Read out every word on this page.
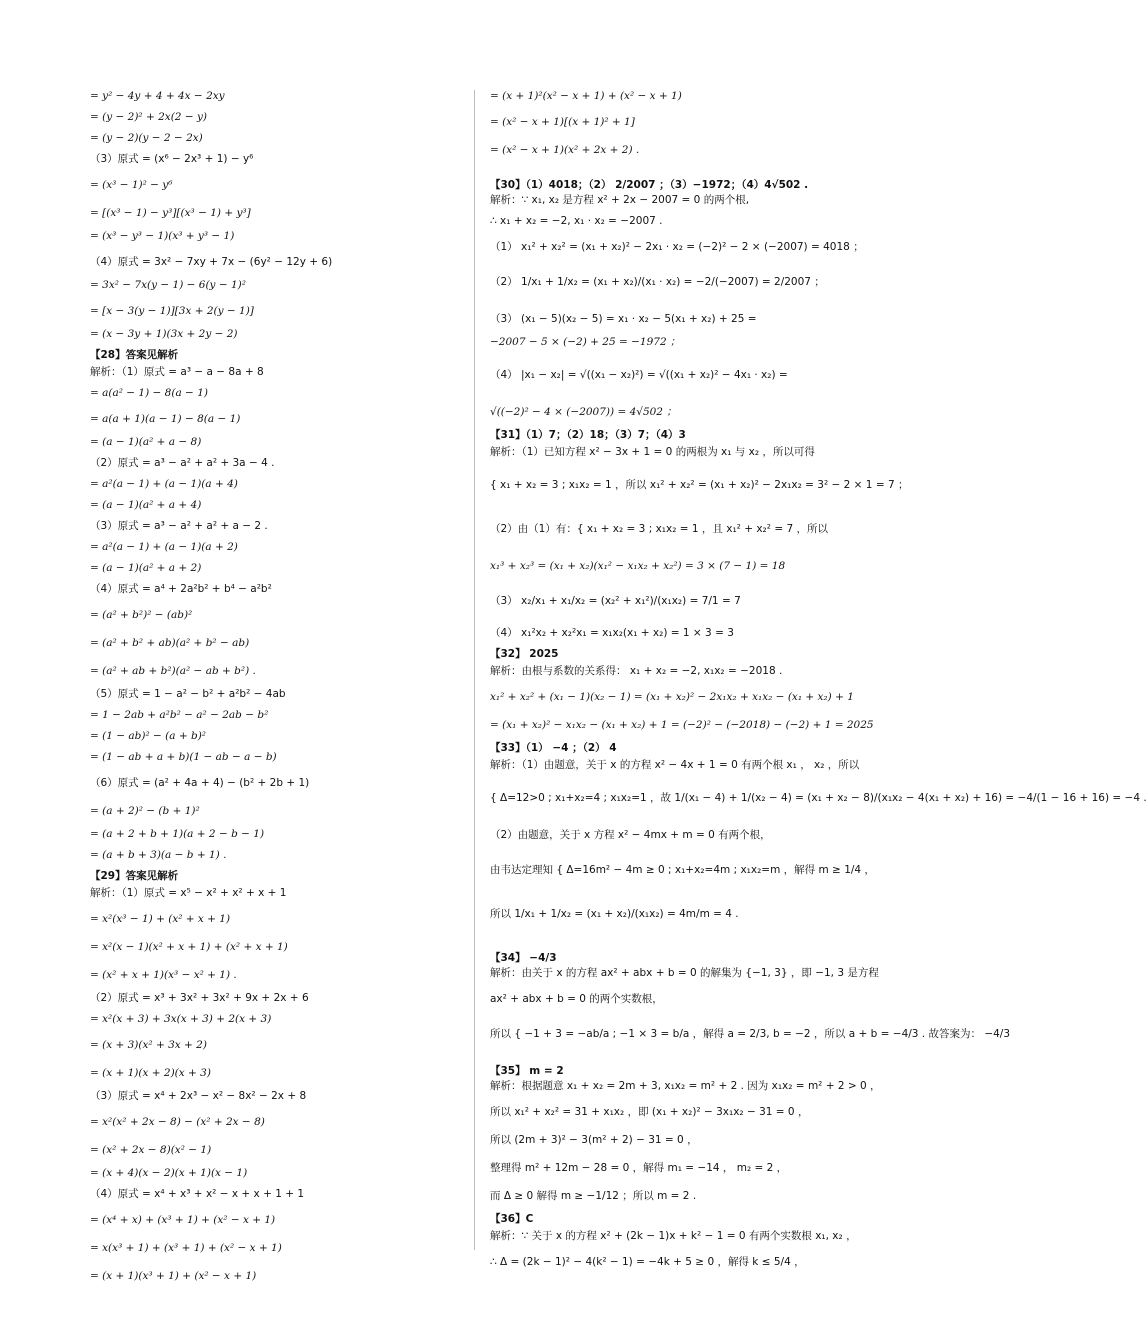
= y² − 4y + 4 + 4x − 2xy
= (y − 2)² + 2x(2 − y)
= (y − 2)(y − 2 − 2x)
（3）原式 = (x⁶ − 2x³ + 1) − y⁶
= (x³ − 1)² − y⁶
= [(x³ − 1) − y³][(x³ − 1) + y³]
= (x³ − y³ − 1)(x³ + y³ − 1)
（4）原式 = 3x² − 7xy + 7x − (6y² − 12y + 6)
= 3x² − 7x(y − 1) − 6(y − 1)²
= [x − 3(y − 1)][3x + 2(y − 1)]
= (x − 3y + 1)(3x + 2y − 2)
【28】答案见解析
解析：（1）原式 = a³ − a − 8a + 8
= a(a² − 1) − 8(a − 1)
= a(a + 1)(a − 1) − 8(a − 1)
= (a − 1)(a² + a − 8)
（2）原式 = a³ − a² + a² + 3a − 4 .
= a²(a − 1) + (a − 1)(a + 4)
= (a − 1)(a² + a + 4)
（3）原式 = a³ − a² + a² + a − 2 .
= a²(a − 1) + (a − 1)(a + 2)
= (a − 1)(a² + a + 2)
（4）原式 = a⁴ + 2a²b² + b⁴ − a²b²
= (a² + b²)² − (ab)²
= (a² + b² + ab)(a² + b² − ab)
= (a² + ab + b²)(a² − ab + b²) .
（5）原式 = 1 − a² − b² + a²b² − 4ab
= 1 − 2ab + a²b² − a² − 2ab − b²
= (1 − ab)² − (a + b)²
= (1 − ab + a + b)(1 − ab − a − b)
（6）原式 = (a² + 4a + 4) − (b² + 2b + 1)
= (a + 2)² − (b + 1)²
= (a + 2 + b + 1)(a + 2 − b − 1)
= (a + b + 3)(a − b + 1) .
【29】答案见解析
解析：（1）原式 = x⁵ − x² + x² + x + 1
= x²(x³ − 1) + (x² + x + 1)
= x²(x − 1)(x² + x + 1) + (x² + x + 1)
= (x² + x + 1)(x³ − x² + 1) .
（2）原式 = x³ + 3x² + 3x² + 9x + 2x + 6
= x²(x + 3) + 3x(x + 3) + 2(x + 3)
= (x + 3)(x² + 3x + 2)
= (x + 1)(x + 2)(x + 3)
（3）原式 = x⁴ + 2x³ − x² − 8x² − 2x + 8
= x²(x² + 2x − 8) − (x² + 2x − 8)
= (x² + 2x − 8)(x² − 1)
= (x + 4)(x − 2)(x + 1)(x − 1)
（4）原式 = x⁴ + x³ + x² − x + x + 1 + 1
= (x⁴ + x) + (x³ + 1) + (x² − x + 1)
= x(x³ + 1) + (x³ + 1) + (x² − x + 1)
= (x + 1)(x³ + 1) + (x² − x + 1)
= (x + 1)²(x² − x + 1) + (x² − x + 1)
= (x² − x + 1)[(x + 1)² + 1]
= (x² − x + 1)(x² + 2x + 2) .
【30】（1）4018；（2） 2/2007 ；（3）−1972；（4）4√502 .
解析：∵ x₁, x₂ 是方程 x² + 2x − 2007 = 0 的两个根,
∴ x₁ + x₂ = −2, x₁ · x₂ = −2007 .
（1） x₁² + x₂² = (x₁ + x₂)² − 2x₁ · x₂ = (−2)² − 2 × (−2007) = 4018 ；
（2） 1/x₁ + 1/x₂ = (x₁ + x₂)/(x₁ · x₂) = −2/(−2007) = 2/2007 ；
（3） (x₁ − 5)(x₂ − 5) = x₁ · x₂ − 5(x₁ + x₂) + 25 =
−2007 − 5 × (−2) + 25 = −1972 ；
（4） |x₁ − x₂| = √((x₁ − x₂)²) = √((x₁ + x₂)² − 4x₁ · x₂) =
√((−2)² − 4 × (−2007)) = 4√502 ；
【31】（1）7；（2）18；（3）7；（4）3
解析：（1）已知方程 x² − 3x + 1 = 0 的两根为 x₁ 与 x₂ ，所以可得
{ x₁ + x₂ = 3 ; x₁x₂ = 1 ，所以 x₁² + x₂² = (x₁ + x₂)² − 2x₁x₂ = 3² − 2 × 1 = 7 ；
（2）由（1）有：{ x₁ + x₂ = 3 ; x₁x₂ = 1 ，且 x₁² + x₂² = 7 ，所以
x₁³ + x₂³ = (x₁ + x₂)(x₁² − x₁x₂ + x₂²) = 3 × (7 − 1) = 18
（3） x₂/x₁ + x₁/x₂ = (x₂² + x₁²)/(x₁x₂) = 7/1 = 7
（4） x₁²x₂ + x₂²x₁ = x₁x₂(x₁ + x₂) = 1 × 3 = 3
【32】 2025
解析：由根与系数的关系得： x₁ + x₂ = −2, x₁x₂ = −2018 .
x₁² + x₂² + (x₁ − 1)(x₂ − 1) = (x₁ + x₂)² − 2x₁x₂ + x₁x₂ − (x₁ + x₂) + 1
= (x₁ + x₂)² − x₁x₂ − (x₁ + x₂) + 1 = (−2)² − (−2018) − (−2) + 1 = 2025
【33】（1） −4 ；（2） 4
解析：（1）由题意，关于 x 的方程 x² − 4x + 1 = 0 有两个根 x₁ ， x₂ ，所以
{ Δ=12>0 ; x₁+x₂=4 ; x₁x₂=1 ，故 1/(x₁ − 4) + 1/(x₂ − 4) = (x₁ + x₂ − 8)/(x₁x₂ − 4(x₁ + x₂) + 16) = −4/(1 − 16 + 16) = −4 .
（2）由题意，关于 x 方程 x² − 4mx + m = 0 有两个根，
由韦达定理知 { Δ=16m² − 4m ≥ 0 ; x₁+x₂=4m ; x₁x₂=m ，解得 m ≥ 1/4 ，
所以 1/x₁ + 1/x₂ = (x₁ + x₂)/(x₁x₂) = 4m/m = 4 .
【34】 −4/3
解析：由关于 x 的方程 ax² + abx + b = 0 的解集为 {−1, 3} ，即 −1, 3 是方程
ax² + abx + b = 0 的两个实数根，
所以 { −1 + 3 = −ab/a ; −1 × 3 = b/a ，解得 a = 2/3, b = −2 ，所以 a + b = −4/3 . 故答案为： −4/3
【35】 m = 2
解析：根据题意 x₁ + x₂ = 2m + 3, x₁x₂ = m² + 2 . 因为 x₁x₂ = m² + 2 > 0 ，
所以 x₁² + x₂² = 31 + x₁x₂ ，即 (x₁ + x₂)² − 3x₁x₂ − 31 = 0 ，
所以 (2m + 3)² − 3(m² + 2) − 31 = 0 ，
整理得 m² + 12m − 28 = 0 ，解得 m₁ = −14 ， m₂ = 2 ，
而 Δ ≥ 0 解得 m ≥ −1/12 ；所以 m = 2 .
【36】C
解析：∵ 关于 x 的方程 x² + (2k − 1)x + k² − 1 = 0 有两个实数根 x₁, x₂ ，
∴ Δ = (2k − 1)² − 4(k² − 1) = −4k + 5 ≥ 0 ，解得 k ≤ 5/4 ，
